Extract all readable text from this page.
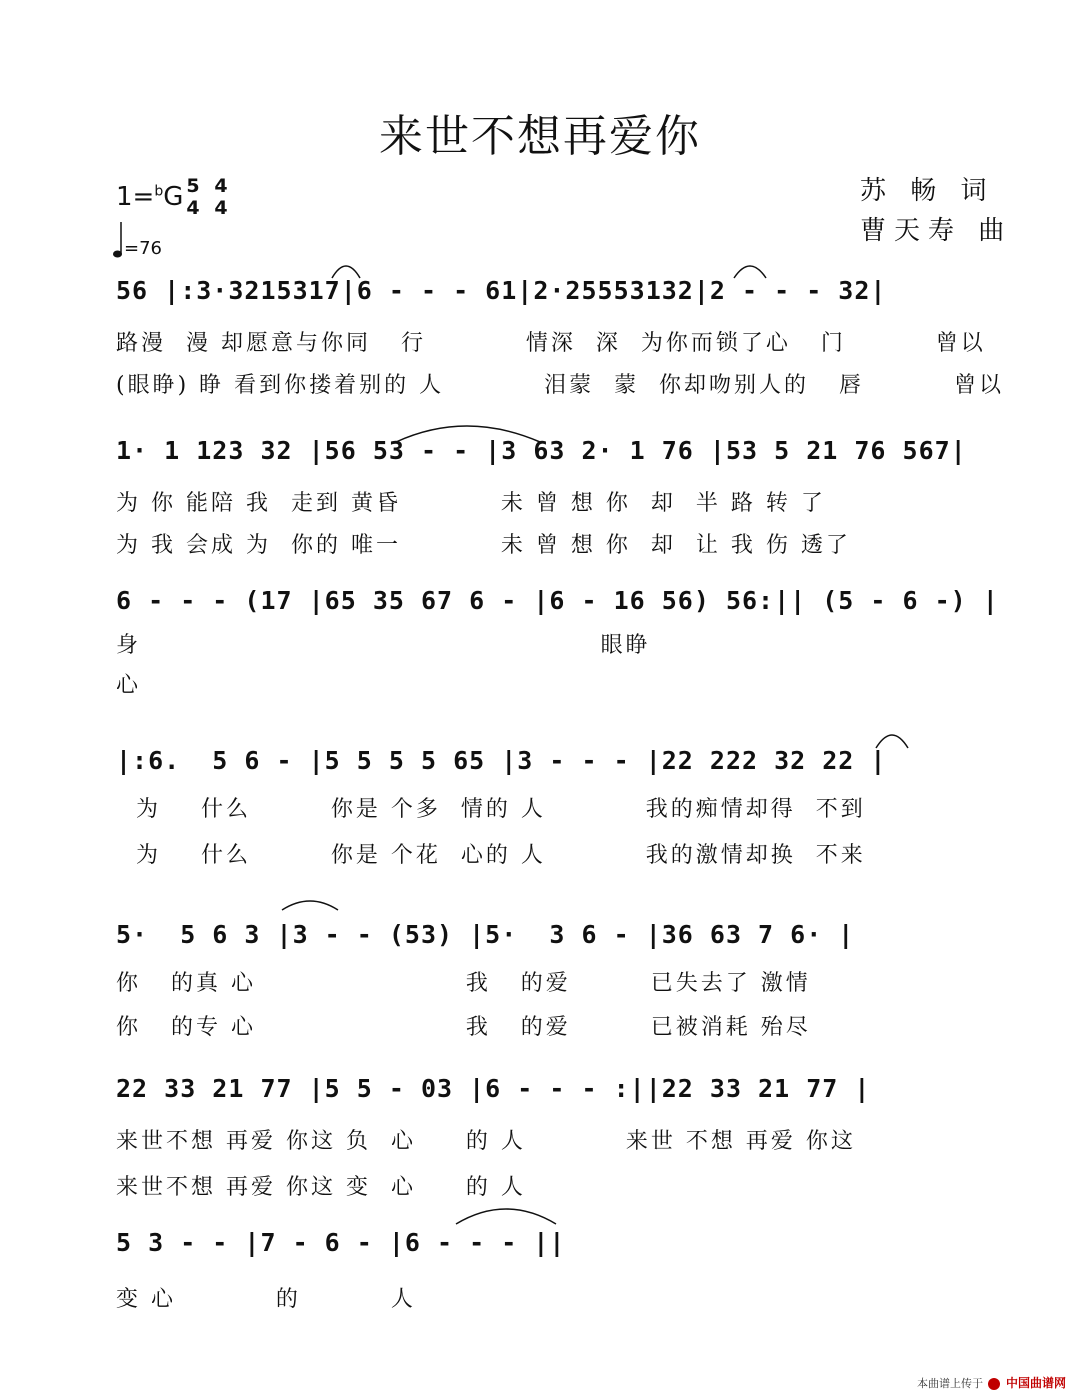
来世不想再爱你
苏 畅 词
曹天寿 曲
1=$^b$G 5
4
4
4
=76
56 |:3·3215317|6 - - - 61|2·25553132|2 - - - 32|
路漫  漫 却愿意与你同   行          情深  深  为你而锁了心   门         曾以
(眼睁) 睁 看到你搂着别的 人          泪蒙  蒙  你却吻别人的   唇         曾以
1· 1 123 32 |56 53 - - |3 63 2· 1 76 |53 5 21 76 567|
为 你 能陪 我  走到 黄昏          未 曾 想 你  却  半 路 转 了
为 我 会成 为  你的 唯一          未 曾 想 你  却  让 我 伤 透了
6 - - - (17 |65 35 67 6 - |6 - 16 56) 56:|| (5 - 6 -) |
身                                              眼睁
心
|:6.  5 6 - |5 5 5 5 65 |3 - - - |22 222 32 22 |
为    什么        你是 个多  情的 人          我的痴情却得  不到
为    什么        你是 个花  心的 人          我的激情却换  不来
5·  5 6 3 |3 - - (53) |5·  3 6 - |36 63 7 6· |
你   的真 心                     我   的爱        已失去了 激情
你   的专 心                     我   的爱        已被消耗 殆尽
22 33 21 77 |5 5 - 03 |6 - - - :||22 33 21 77 |
来世不想 再爱 你这 负  心     的 人          来世 不想 再爱 你这
来世不想 再爱 你这 变  心     的 人
5 3 - - |7 - 6 - |6 - - - ||
变 心          的         人
本曲谱上传于 中国曲谱网
